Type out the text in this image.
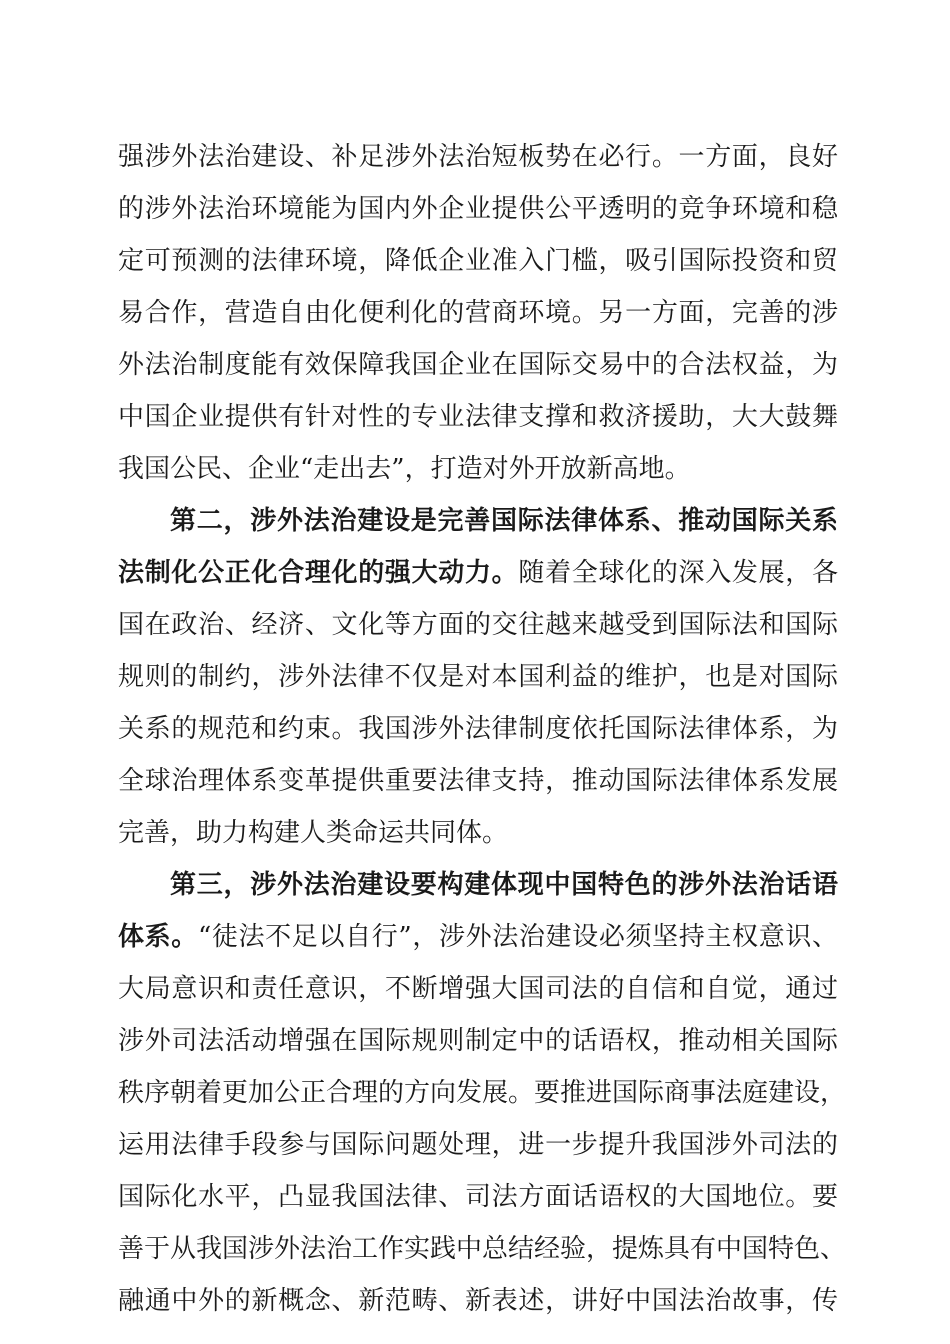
强涉外法治建设、补足涉外法治短板势在必行。一方面，良好
的涉外法治环境能为国内外企业提供公平透明的竞争环境和稳
定可预测的法律环境，降低企业准入门槛，吸引国际投资和贸
易合作，营造自由化便利化的营商环境。另一方面，完善的涉
外法治制度能有效保障我国企业在国际交易中的合法权益，为
中国企业提供有针对性的专业法律支撑和救济援助，大大鼓舞
我国公民、企业“走出去”，打造对外开放新高地。
第二，涉外法治建设是完善国际法律体系、推动国际关系
法制化公正化合理化的强大动力。随着全球化的深入发展，各
国在政治、经济、文化等方面的交往越来越受到国际法和国际
规则的制约，涉外法律不仅是对本国利益的维护，也是对国际
关系的规范和约束。我国涉外法律制度依托国际法律体系，为
全球治理体系变革提供重要法律支持，推动国际法律体系发展
完善，助力构建人类命运共同体。
第三，涉外法治建设要构建体现中国特色的涉外法治话语
体系。“徒法不足以自行”，涉外法治建设必须坚持主权意识、
大局意识和责任意识，不断增强大国司法的自信和自觉，通过
涉外司法活动增强在国际规则制定中的话语权，推动相关国际
秩序朝着更加公正合理的方向发展。要推进国际商事法庭建设，
运用法律手段参与国际问题处理，进一步提升我国涉外司法的
国际化水平，凸显我国法律、司法方面话语权的大国地位。要
善于从我国涉外法治工作实践中总结经验，提炼具有中国特色、
融通中外的新概念、新范畴、新表述，讲好中国法治故事，传
